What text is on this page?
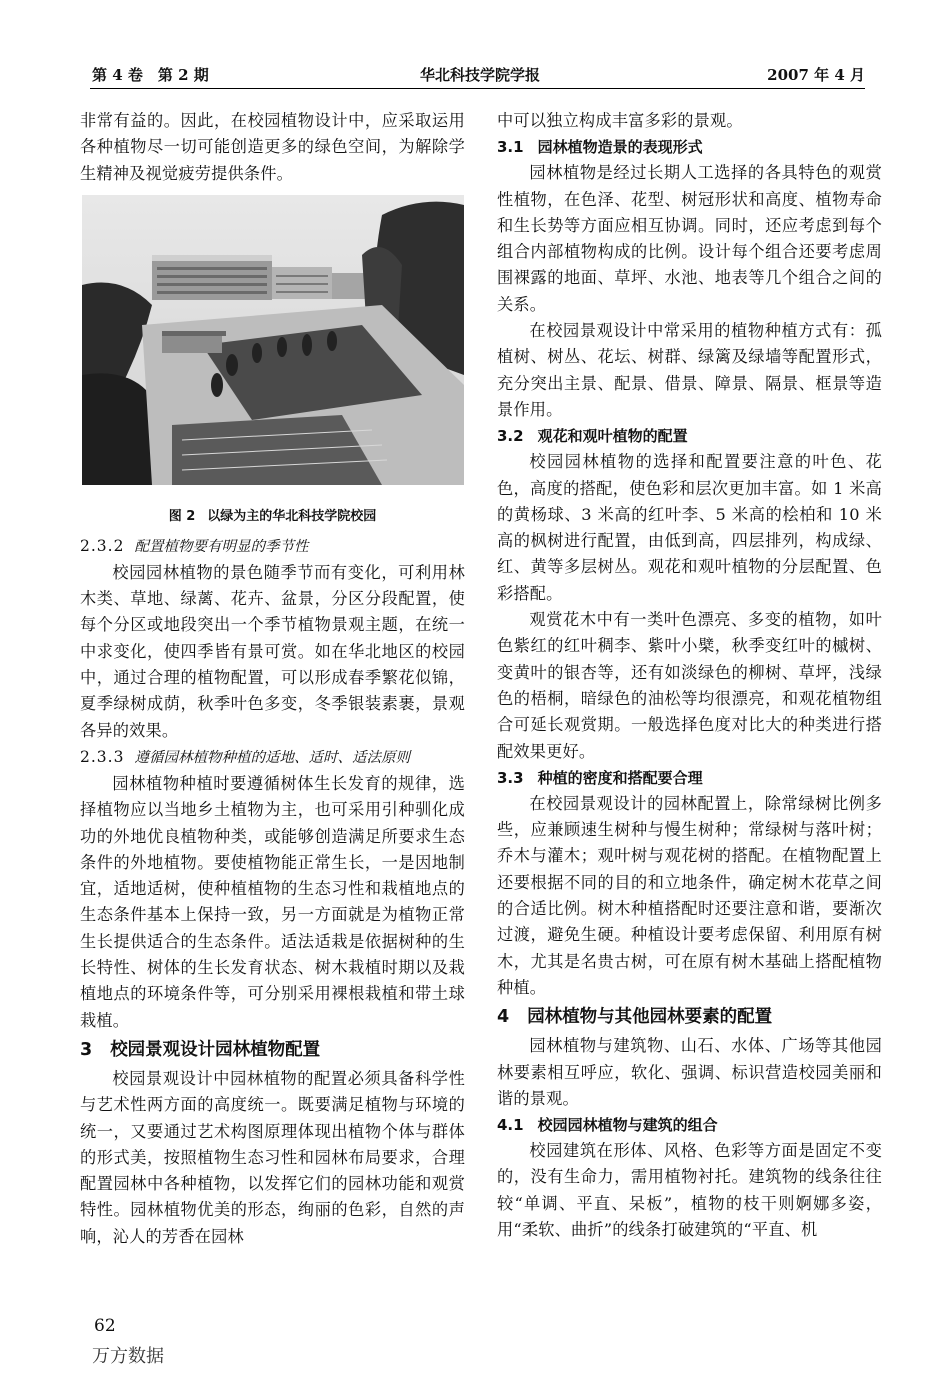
第 4 卷　第 2 期	华北科技学院学报	2007 年 4 月

非常有益的。因此，在校园植物设计中，应采取运用各种植物尽一切可能创造更多的绿色空间，为解除学生精神及视觉疲劳提供条件。

图 2 以绿为主的华北科技学院校园

2.3.2 配置植物要有明显的季节性

校园园林植物的景色随季节而有变化，可利用林木类、草地、绿蓠、花卉、盆景，分区分段配置，使每个分区或地段突出一个季节植物景观主题，在统一中求变化，使四季皆有景可赏。如在华北地区的校园中，通过合理的植物配置，可以形成春季繁花似锦，夏季绿树成荫，秋季叶色多变，冬季银装素裹，景观各异的效果。

2.3.3 遵循园林植物种植的适地、适时、适法原则

园林植物种植时要遵循树体生长发育的规律，选择植物应以当地乡土植物为主，也可采用引种驯化成功的外地优良植物种类，或能够创造满足所要求生态条件的外地植物。要使植物能正常生长，一是因地制宜，适地适树，使种植植物的生态习性和栽植地点的生态条件基本上保持一致，另一方面就是为植物正常生长提供适合的生态条件。适法适栽是依据树种的生长特性、树体的生长发育状态、树木栽植时期以及栽植地点的环境条件等，可分别采用裸根栽植和带土球栽植。

3 校园景观设计园林植物配置

校园景观设计中园林植物的配置必须具备科学性与艺术性两方面的高度统一。既要满足植物与环境的统一，又要通过艺术构图原理体现出植物个体与群体的形式美，按照植物生态习性和园林布局要求，合理配置园林中各种植物，以发挥它们的园林功能和观赏特性。园林植物优美的形态，绚丽的色彩，自然的声响，沁人的芳香在园林

中可以独立构成丰富多彩的景观。

3.1 园林植物造景的表现形式

园林植物是经过长期人工选择的各具特色的观赏性植物，在色泽、花型、树冠形状和高度、植物寿命和生长势等方面应相互协调。同时，还应考虑到每个组合内部植物构成的比例。设计每个组合还要考虑周围裸露的地面、草坪、水池、地表等几个组合之间的关系。

在校园景观设计中常采用的植物种植方式有：孤植树、树丛、花坛、树群、绿篱及绿墙等配置形式，充分突出主景、配景、借景、障景、隔景、框景等造景作用。

3.2 观花和观叶植物的配置

校园园林植物的选择和配置要注意的叶色、花色，高度的搭配，使色彩和层次更加丰富。如 1 米高的黄杨球、3 米高的红叶李、5 米高的桧柏和 10 米高的枫树进行配置，由低到高，四层排列，构成绿、红、黄等多层树丛。观花和观叶植物的分层配置、色彩搭配。

观赏花木中有一类叶色漂亮、多变的植物，如叶色紫红的红叶稠李、紫叶小檗，秋季变红叶的槭树、变黄叶的银杏等，还有如淡绿色的柳树、草坪，浅绿色的梧桐，暗绿色的油松等均很漂亮，和观花植物组合可延长观赏期。一般选择色度对比大的种类进行搭配效果更好。

3.3 种植的密度和搭配要合理

在校园景观设计的园林配置上，除常绿树比例多些，应兼顾速生树种与慢生树种；常绿树与落叶树；乔木与灌木；观叶树与观花树的搭配。在植物配置上还要根据不同的目的和立地条件，确定树木花草之间的合适比例。树木种植搭配时还要注意和谐，要渐次过渡，避免生硬。种植设计要考虑保留、利用原有树木，尤其是名贵古树，可在原有树木基础上搭配植物种植。

4 园林植物与其他园林要素的配置

园林植物与建筑物、山石、水体、广场等其他园林要素相互呼应，软化、强调、标识营造校园美丽和谐的景观。

4.1 校园园林植物与建筑的组合

校园建筑在形体、风格、色彩等方面是固定不变的，没有生命力，需用植物衬托。建筑物的线条往往较“单调、平直、呆板”，植物的枝干则婀娜多姿，用“柔软、曲折”的线条打破建筑的“平直、机

62
万方数据
